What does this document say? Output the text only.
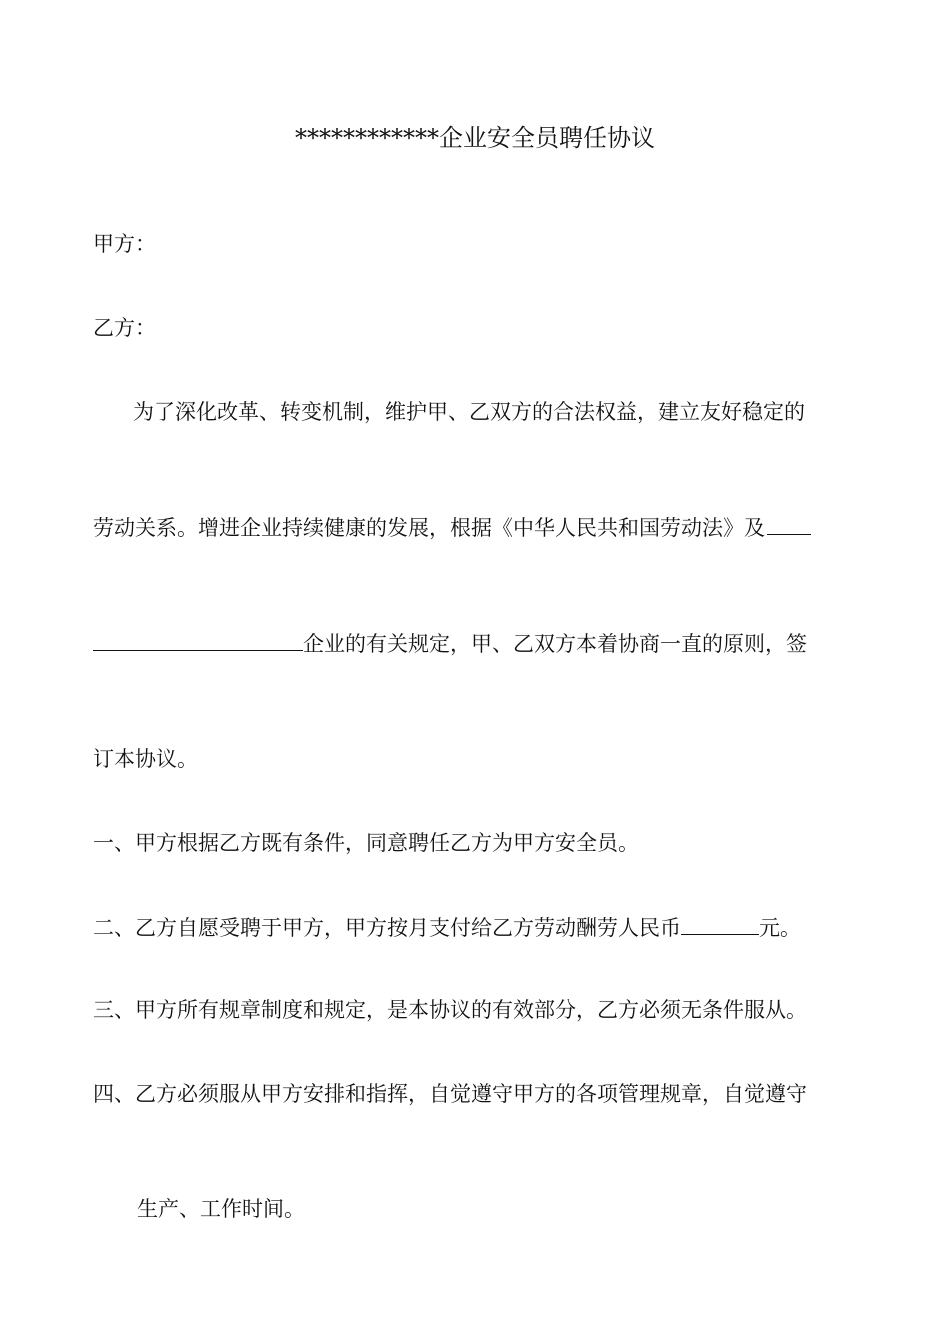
************企业安全员聘任协议
甲方：
乙方：
为了深化改革、转变机制，维护甲、乙双方的合法权益，建立友好稳定的
劳动关系。增进企业持续健康的发展，根据《中华人民共和国劳动法》及
企业的有关规定，甲、乙双方本着协商一直的原则，签
订本协议。
一、甲方根据乙方既有条件，同意聘任乙方为甲方安全员。
二、乙方自愿受聘于甲方，甲方按月支付给乙方劳动酬劳人民币	元。
三、甲方所有规章制度和规定，是本协议的有效部分，乙方必须无条件服从。
四、乙方必须服从甲方安排和指挥，自觉遵守甲方的各项管理规章，自觉遵守
生产、工作时间。
